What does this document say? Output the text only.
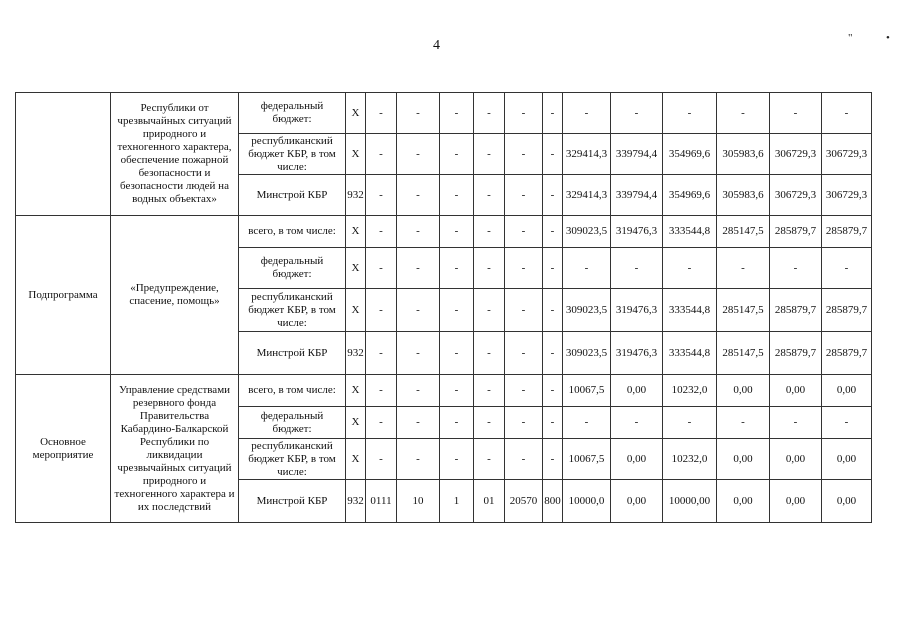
4	"	•
	Республики от чрезвычайных ситуаций природного и техногенного характера, обеспечение пожарной безопасности и безопасности людей на водных объектах»	федеральный бюджет:	X	-	-	-	-	-	-	-	-	-	-	-	-
		республиканский бюджет КБР, в том числе:	X	-	-	-	-	-	-	329414,3	339794,4	354969,6	305983,6	306729,3	306729,3
		Минстрой КБР	932	-	-	-	-	-	-	329414,3	339794,4	354969,6	305983,6	306729,3	306729,3
Подпрограмма	«Предупреждение, спасение, помощь»	всего, в том числе:	X	-	-	-	-	-	-	309023,5	319476,3	333544,8	285147,5	285879,7	285879,7
		федеральный бюджет:	X	-	-	-	-	-	-	-	-	-	-	-	-
		республиканский бюджет КБР, в том числе:	X	-	-	-	-	-	-	309023,5	319476,3	333544,8	285147,5	285879,7	285879,7
		Минстрой КБР	932	-	-	-	-	-	-	309023,5	319476,3	333544,8	285147,5	285879,7	285879,7
Основное мероприятие	Управление средствами резервного фонда Правительства Кабардино-Балкарской Республики по ликвидации чрезвычайных ситуаций природного и техногенного характера и их последствий	всего, в том числе:	X	-	-	-	-	-	-	10067,5	0,00	10232,0	0,00	0,00	0,00
		федеральный бюджет:	X	-	-	-	-	-	-	-	-	-	-	-	-
		республиканский бюджет КБР, в том числе:	X	-	-	-	-	-	-	10067,5	0,00	10232,0	0,00	0,00	0,00
		Минстрой КБР	932	0111	10	1	01	20570	800	10000,0	0,00	10000,00	0,00	0,00	0,00
